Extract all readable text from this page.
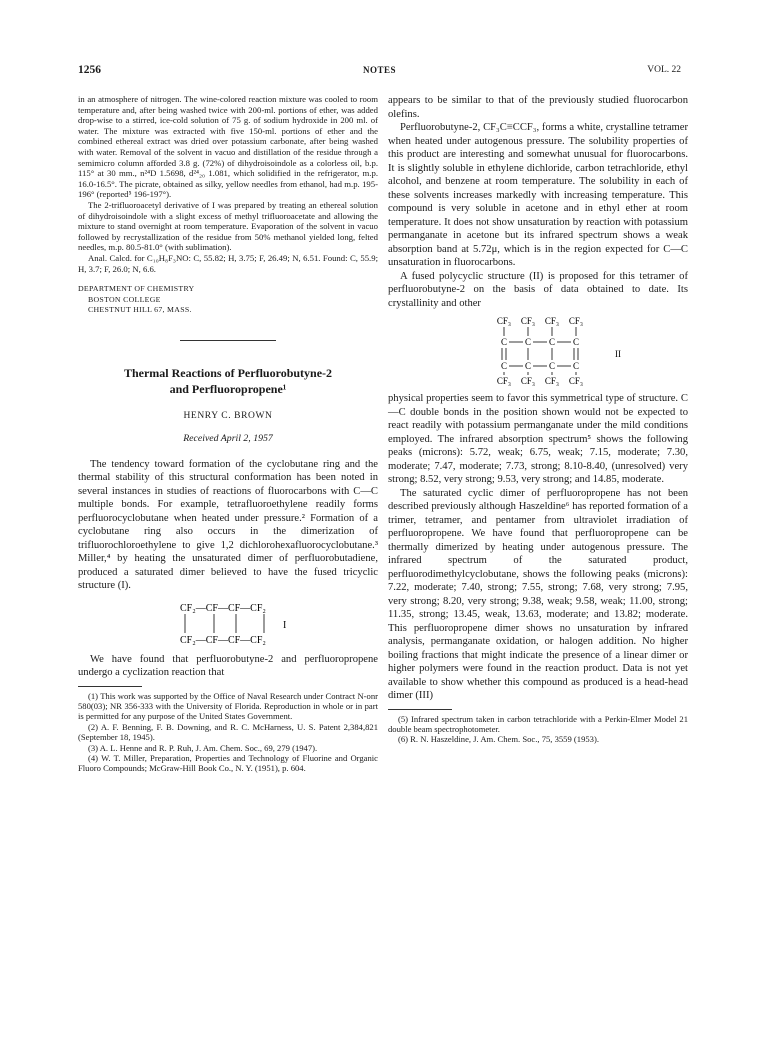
1256	NOTES	VOL. 22

in an atmosphere of nitrogen. The wine-colored reaction mixture was cooled to room temperature and, after being washed twice with 200-ml. portions of ether, was added drop-wise to a stirred, ice-cold solution of 75 g. of sodium hydroxide in 200 ml. of water. The mixture was extracted with five 150-ml. portions of ether and the combined ethereal extract was dried over potassium carbonate, after being washed with water. Removal of the solvent in vacuo and distillation of the residue through a semimicro column afforded 3.8 g. (72%) of dihydroisoindole as a colorless oil, b.p. 115° at 30 mm., n²⁴D 1.5698, d²⁴₂₀ 1.081, which solidified in the refrigerator, m.p. 16.0-16.5°. The picrate, obtained as silky, yellow needles from ethanol, had m.p. 195-196° (reported⁵ 196-197°).

The 2-trifluoroacetyl derivative of I was prepared by treating an ethereal solution of dihydroisoindole with a slight excess of methyl trifluoroacetate and allowing the mixture to stand overnight at room temperature. Evaporation of the solvent in vacuo followed by recrystallization of the residue from 50% methanol yielded long, felted needles, m.p. 80.5-81.0° (with sublimation).

Anal. Calcd. for C₁₀H₈F₃NO: C, 55.82; H, 3.75; F, 26.49; N, 6.51. Found: C, 55.9; H, 3.7; F, 26.0; N, 6.6.

DEPARTMENT OF CHEMISTRY
BOSTON COLLEGE
CHESTNUT HILL 67, MASS.
Thermal Reactions of Perfluorobutyne-2
and Perfluoropropene¹
HENRY C. BROWN
Received April 2, 1957

The tendency toward formation of the cyclobutane ring and the thermal stability of this structural conformation has been noted in several instances in studies of reactions of fluorocarbons with C—C multiple bonds. For example, tetrafluoroethylene readily forms perfluorocyclobutane when heated under pressure.² Formation of a cyclobutane ring also occurs in the dimerization of trifluorochloroethylene to give 1,2 dichlorohexafluorocyclobutane.³ Miller,⁴ by heating the unsaturated dimer of perfluorobutadiene, produced a saturated dimer believed to have the fused tricyclic structure (I).

CF₂—CF—CF—CF₂
CF₂—CF—CF—CF₂
I

We have found that perfluorobutyne-2 and perfluoropropene undergo a cyclization reaction that

(1) This work was supported by the Office of Naval Research under Contract N-onr 580(03); NR 356-333 with the University of Florida. Reproduction in whole or in part is permitted for any purpose of the United States Government.

(2) A. F. Benning, F. B. Downing, and R. C. McHarness, U. S. Patent 2,384,821 (September 18, 1945).

(3) A. L. Henne and R. P. Ruh, J. Am. Chem. Soc., 69, 279 (1947).

(4) W. T. Miller, Preparation, Properties and Technology of Fluorine and Organic Fluoro Compounds; McGraw-Hill Book Co., N. Y. (1951), p. 604.

appears to be similar to that of the previously studied fluorocarbon olefins.

Perfluorobutyne-2, CF₃C≡CCF₃, forms a white, crystalline tetramer when heated under autogenous pressure. The solubility properties of this product are interesting and somewhat unusual for fluorocarbons. It is slightly soluble in ethylene dichloride, carbon tetrachloride, ethyl alcohol, and benzene at room temperature. The solubility in each of these solvents increases markedly with increasing temperature. This compound is very soluble in acetone and in ethyl ether at room temperature. It does not show unsaturation by reaction with potassium permanganate in acetone but its infrared spectrum shows a weak absorption band at 5.72μ, which is in the region expected for C—C unsaturation in fluorocarbons.

A fused polycyclic structure (II) is proposed for this tetramer of perfluorobutyne-2 on the basis of data obtained to date. Its crystallinity and other

CF₃
CF₃
C
C
CF₃
CF₃
C
C
CF₃
CF₃
C
C
CF₃
CF₃
C
C
II

physical properties seem to favor this symmetrical type of structure. C—C double bonds in the position shown would not be expected to react readily with potassium permanganate under the mild conditions employed. The infrared absorption spectrum⁵ shows the following peaks (microns): 5.72, weak; 6.75, weak; 7.15, moderate; 7.30, moderate; 7.47, moderate; 7.73, strong; 8.10-8.40, (unresolved) very strong; 8.52, very strong; 9.53, very strong; and 14.85, moderate.

The saturated cyclic dimer of perfluoropropene has not been described previously although Haszeldine⁶ has reported formation of a trimer, tetramer, and pentamer from ultraviolet irradiation of perfluoropropene. We have found that perfluoropropene can be thermally dimerized by heating under autogenous pressure. The infrared spectrum of the saturated product, perfluorodimethylcyclobutane, shows the following peaks (microns): 7.22, moderate; 7.40, strong; 7.55, strong; 7.68, very strong; 7.95, very strong; 8.20, very strong; 9.38, weak; 9.58, weak; 11.00, strong; 11.35, strong; 13.45, weak, 13.63, moderate; and 13.82; moderate. This perfluoropropene dimer shows no unsaturation by infrared analysis, permanganate oxidation, or halogen addition. No higher boiling fractions that might indicate the presence of a linear dimer or higher polymers were found in the reaction product. Data is not yet available to show whether this compound as produced is a head-head dimer (III)

(5) Infrared spectrum taken in carbon tetrachloride with a Perkin-Elmer Model 21 double beam spectrophotometer.

(6) R. N. Haszeldine, J. Am. Chem. Soc., 75, 3559 (1953).
